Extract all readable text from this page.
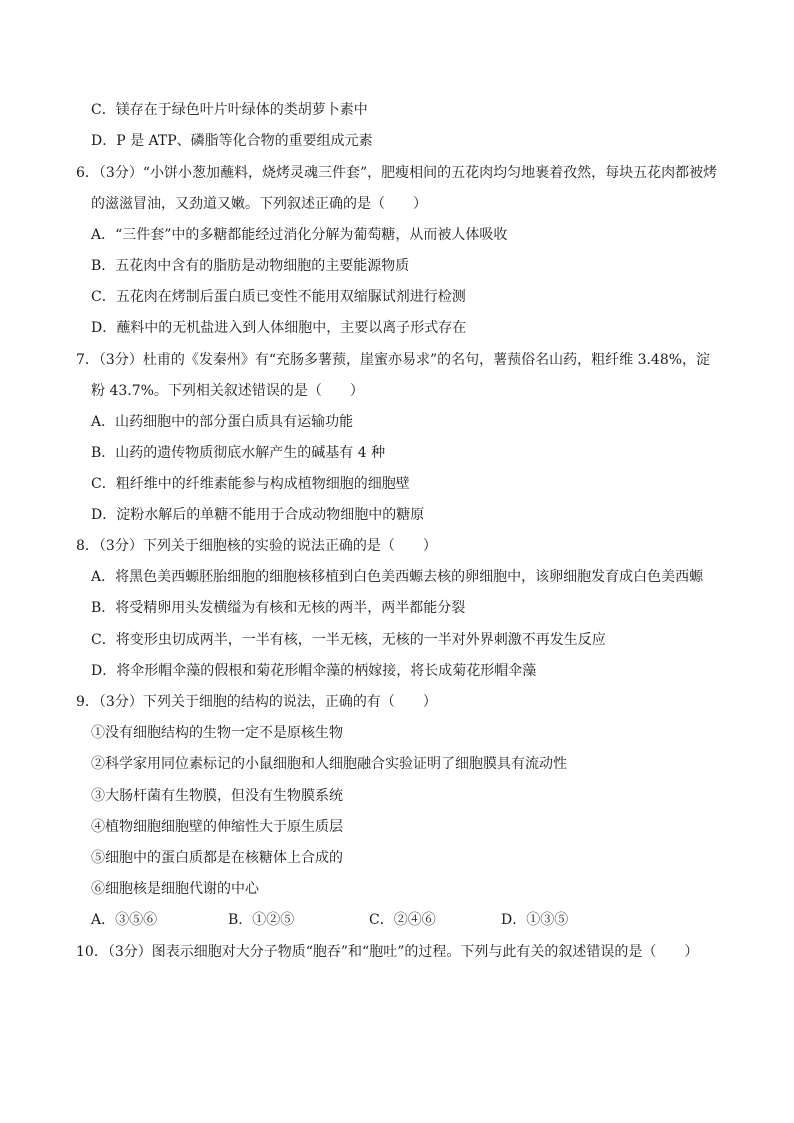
C．镁存在于绿色叶片叶绿体的类胡萝卜素中
D．P 是 ATP、磷脂等化合物的重要组成元素
6．（3分）“小饼小葱加蘸料，烧烤灵魂三件套”，肥瘦相间的五花肉均匀地裹着孜然，每块五花肉都被烤
的滋滋冒油，又劲道又嫩。下列叙述正确的是（　　）
A．“三件套”中的多糖都能经过消化分解为葡萄糖，从而被人体吸收
B．五花肉中含有的脂肪是动物细胞的主要能源物质
C．五花肉在烤制后蛋白质已变性不能用双缩脲试剂进行检测
D．蘸料中的无机盐进入到人体细胞中，主要以离子形式存在
7．（3分）杜甫的《发秦州》有“充肠多薯蓣，崖蜜亦易求”的名句，薯蓣俗名山药，粗纤维 3.48%，淀
粉 43.7%。下列相关叙述错误的是（　　）
A．山药细胞中的部分蛋白质具有运输功能
B．山药的遗传物质彻底水解产生的碱基有 4 种
C．粗纤维中的纤维素能参与构成植物细胞的细胞壁
D．淀粉水解后的单糖不能用于合成动物细胞中的糖原
8．（3分）下列关于细胞核的实验的说法正确的是（　　）
A．将黑色美西螈胚胎细胞的细胞核移植到白色美西螈去核的卵细胞中，该卵细胞发育成白色美西螈
B．将受精卵用头发横缢为有核和无核的两半，两半都能分裂
C．将变形虫切成两半，一半有核，一半无核，无核的一半对外界刺激不再发生反应
D．将伞形帽伞藻的假根和菊花形帽伞藻的柄嫁接，将长成菊花形帽伞藻
9．（3分）下列关于细胞的结构的说法，正确的有（　　）
①没有细胞结构的生物一定不是原核生物
②科学家用同位素标记的小鼠细胞和人细胞融合实验证明了细胞膜具有流动性
③大肠杆菌有生物膜，但没有生物膜系统
④植物细胞细胞壁的伸缩性大于原生质层
⑤细胞中的蛋白质都是在核糖体上合成的
⑥细胞核是细胞代谢的中心
A．③⑤⑥	B．①②⑤	C．②④⑥	D．①③⑤
10．（3分）图表示细胞对大分子物质“胞吞”和“胞吐”的过程。下列与此有关的叙述错误的是（　　）
